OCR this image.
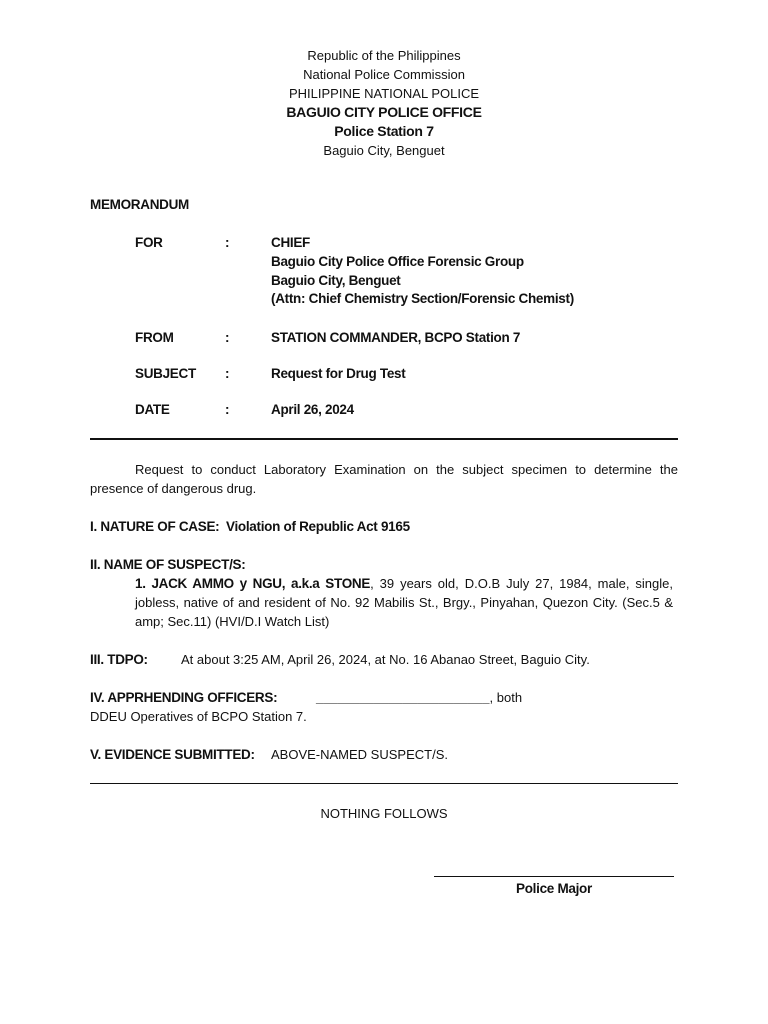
Republic of the Philippines
National Police Commission
PHILIPPINE NATIONAL POLICE
BAGUIO CITY POLICE OFFICE
Police Station 7
Baguio City, Benguet
MEMORANDUM
FOR	:	CHIEF
Baguio City Police Office Forensic Group
Baguio City, Benguet
(Attn: Chief Chemistry Section/Forensic Chemist)
FROM	:	STATION COMMANDER, BCPO Station 7
SUBJECT :	Request for Drug Test
DATE	:	April 26, 2024
Request to conduct Laboratory Examination on the subject specimen to determine the presence of dangerous drug.
I. NATURE OF CASE: Violation of Republic Act 9165
II. NAME OF SUSPECT/S:
1. JACK AMMO y NGU, a.k.a STONE, 39 years old, D.O.B July 27, 1984, male, single, jobless, native of and resident of No. 92 Mabilis St., Brgy., Pinyahan, Quezon City. (Sec.5 & amp; Sec.11) (HVI/D.I Watch List)
III. TDPO:	At about 3:25 AM, April 26, 2024, at No. 16 Abanao Street, Baguio City.
IV. APPRHENDING OFFICERS:	________________________, both
DDEU Operatives of BCPO Station 7.
V. EVIDENCE SUBMITTED: ABOVE-NAMED SUSPECT/S.
NOTHING FOLLOWS
Police Major
